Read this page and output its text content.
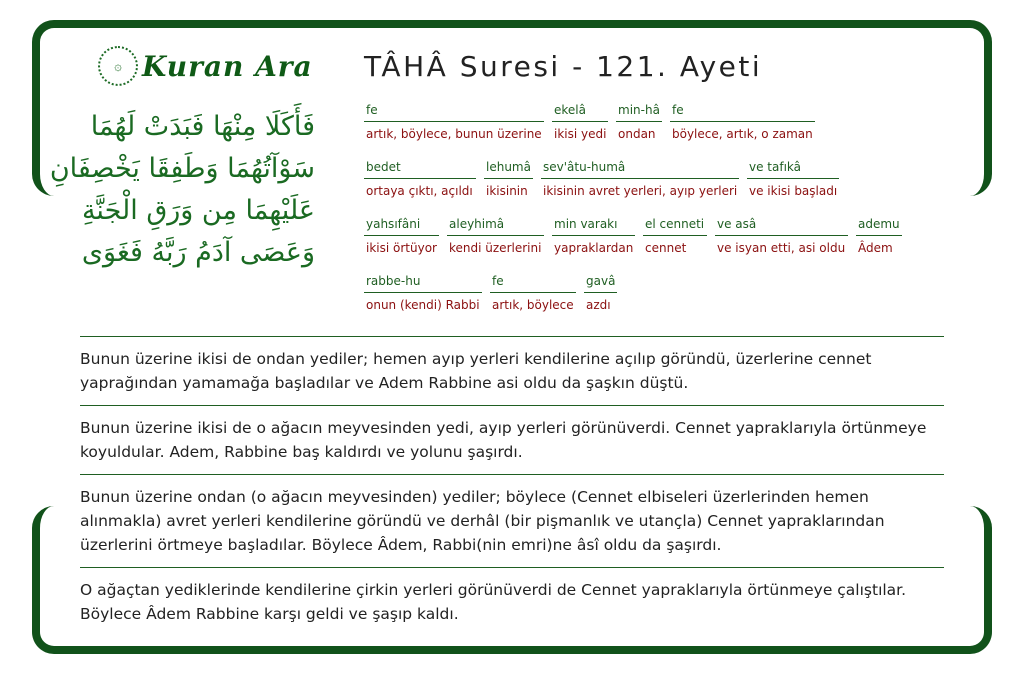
۞ Kuran Ara
فَأَكَلَا مِنْهَا فَبَدَتْ لَهُمَا
سَوْآتُهُمَا وَطَفِقَا يَخْصِفَانِ
عَلَيْهِمَا مِن وَرَقِ الْجَنَّةِ
وَعَصَى آدَمُ رَبَّهُ فَغَوَى
TÂHÂ Suresi - 121. Ayeti
fe
artık, böylece, bunun üzerine
ekelâ
ikisi yedi
min-hâ
ondan
fe
böylece, artık, o zaman
bedet
ortaya çıktı, açıldı
lehumâ
ikisinin
sev'âtu-humâ
ikisinin avret yerleri, ayıp yerleri
ve tafıkâ
ve ikisi başladı
yahsıfâni
ikisi örtüyor
aleyhimâ
kendi üzerlerini
min varakı
yapraklardan
el cenneti
cennet
ve asâ
ve isyan etti, asi oldu
ademu
Âdem
rabbe-hu
onun (kendi) Rabbi
fe
artık, böylece
gavâ
azdı
Bunun üzerine ikisi de ondan yediler; hemen ayıp yerleri kendilerine açılıp göründü, üzerlerine cennet yaprağından yamamağa başladılar ve Adem Rabbine asi oldu da şaşkın düştü.
Bunun üzerine ikisi de o ağacın meyvesinden yedi, ayıp yerleri görünüverdi. Cennet yapraklarıyla örtünmeye koyuldular. Adem, Rabbine baş kaldırdı ve yolunu şaşırdı.
Bunun üzerine ondan (o ağacın meyvesinden) yediler; böylece (Cennet elbiseleri üzerlerinden hemen alınmakla) avret yerleri kendilerine göründü ve derhâl (bir pişmanlık ve utançla) Cennet yapraklarından üzerlerini örtmeye başladılar. Böylece Âdem, Rabbi(nin emri)ne âsî oldu da şaşırdı.
O ağaçtan yediklerinde kendilerine çirkin yerleri görünüverdi de Cennet yapraklarıyla örtünmeye çalıştılar. Böylece Âdem Rabbine karşı geldi ve şaşıp kaldı.
